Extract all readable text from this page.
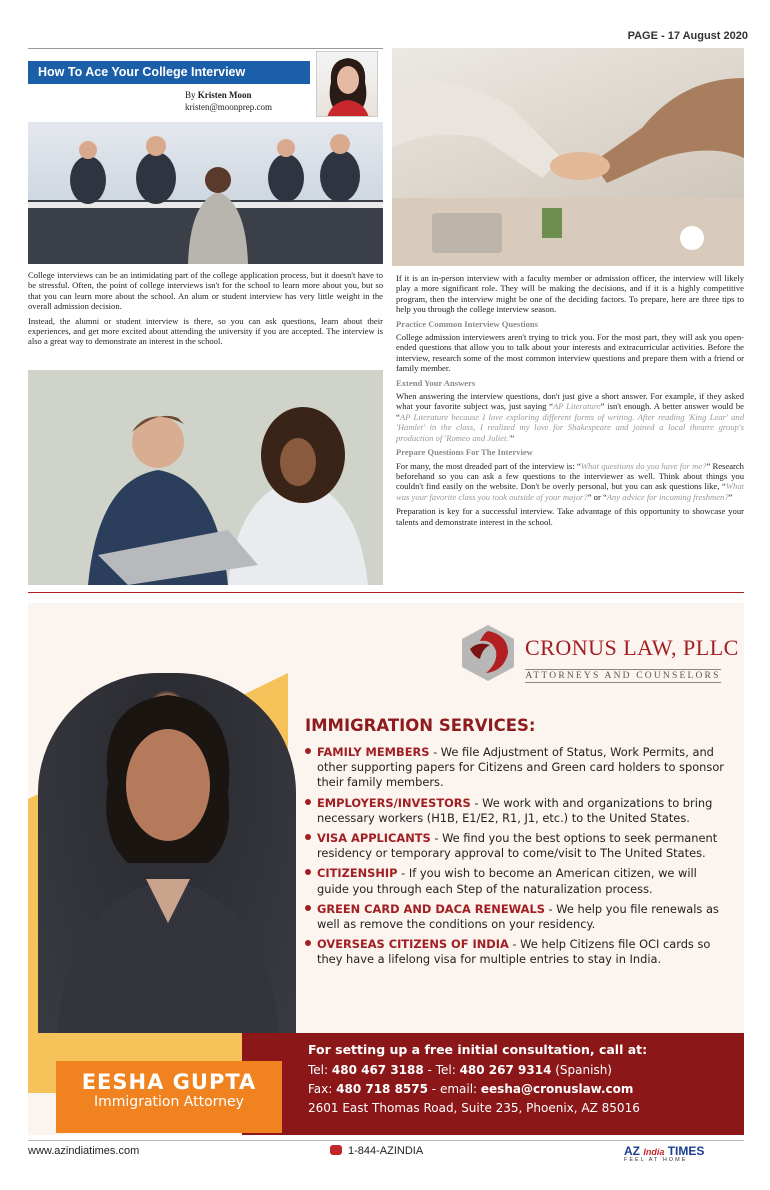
PAGE - 17 August 2020
How To Ace Your College Interview
By Kristen Moon
kristen@moonprep.com

College interviews can be an intimidating part of the college application process, but it doesn't have to be stressful. Often, the point of college interviews isn't for the school to learn more about you, but so that you can learn more about the school. An alum or student interview has very little weight in the overall admission decision.

Instead, the alumni or student interview is there, so you can ask questions, learn about their experiences, and get more excited about attending the university if you are accepted. The interview is also a great way to demonstrate an interest in the school.

If it is an in-person interview with a faculty member or admission officer, the interview will likely play a more significant role. They will be making the decisions, and if it is a highly competitive program, then the interview might be one of the deciding factors. To prepare, here are three tips to help you through the college interview season.

Practice Common Interview Questions

College admission interviewers aren't trying to trick you. For the most part, they will ask you open-ended questions that allow you to talk about your interests and extracurricular activities. Before the interview, research some of the most common interview questions and prepare them with a friend or family member.

Extend Your Answers

When answering the interview questions, don't just give a short answer. For example, if they asked what your favorite subject was, just saying “AP Literature” isn't enough. A better answer would be “AP Literature because I love exploring different forms of writing. After reading 'King Lear' and 'Hamlet' in the class, I realized my love for Shakespeare and joined a local theatre group's production of 'Romeo and Juliet.'”

Prepare Questions For The Interview

For many, the most dreaded part of the interview is: “What questions do you have for me?” Research beforehand so you can ask a few questions to the interviewer as well. Think about things you couldn't find easily on the website. Don't be overly personal, but you can ask questions like, “What was your favorite class you took outside of your major?” or “Any advice for incoming freshmen?”

Preparation is key for a successful interview. Take advantage of this opportunity to showcase your talents and demonstrate interest in the school.

CRONUS LAW, PLLC
ATTORNEYS AND COUNSELORS
IMMIGRATION SERVICES:
FAMILY MEMBERS - We file Adjustment of Status, Work Permits, and other supporting papers for Citizens and Green card holders to sponsor their family members.
EMPLOYERS/INVESTORS - We work with and organizations to bring necessary workers (H1B, E1/E2, R1, J1, etc.) to the United States.
VISA APPLICANTS - We find you the best options to seek permanent residency or temporary approval to come/visit to The United States.
CITIZENSHIP - If you wish to become an American citizen, we will guide you through each Step of the naturalization process.
GREEN CARD AND DACA RENEWALS - We help you file renewals as well as remove the conditions on your residency.
OVERSEAS CITIZENS OF INDIA - We help Citizens file OCI cards so they have a lifelong visa for multiple entries to stay in India.
For setting up a free initial consultation, call at:
Tel: 480 467 3188 - Tel: 480 267 9314 (Spanish)
Fax: 480 718 8575 - email: eesha@cronuslaw.com
2601 East Thomas Road, Suite 235, Phoenix, AZ 85016
EESHA GUPTA
Immigration Attorney
www.azindiatimes.com	1-844-AZINDIA	AZ India TIMES
FEEL AT HOME
